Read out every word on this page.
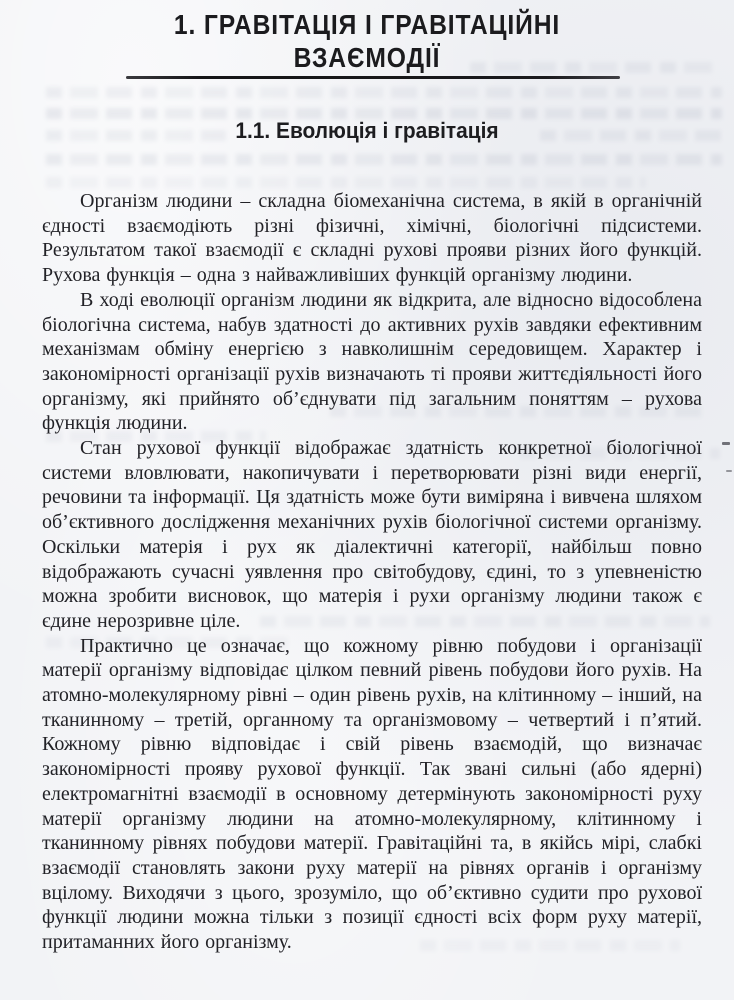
1. ГРАВІТАЦІЯ І ГРАВІТАЦІЙНІ
ВЗАЄМОДІЇ
1.1. Еволюція і гравітація

Організм людини – складна біомеханічна система, в якій в органічній єдності взаємодіють різні фізичні, хімічні, біологічні підсистеми. Результатом такої взаємодії є складні рухові прояви різних його функцій. Рухова функція – одна з найважливіших функцій організму людини.

В ході еволюції організм людини як відкрита, але відносно відособлена біологічна система, набув здатності до активних рухів завдяки ефективним механізмам обміну енергією з навколишнім середовищем. Характер і закономірності організації рухів визначають ті прояви життєдіяльності його організму, які прийнято об’єднувати під загальним поняттям – рухова функція людини.

Стан рухової функції відображає здатність конкретної біологічної системи вловлювати, накопичувати і перетворювати різні види енергії, речовини та інформації. Ця здатність може бути виміряна і вивчена шляхом об’єктивного дослідження механічних рухів біологічної системи організму. Оскільки матерія і рух як діалектичні категорії, найбільш повно відображають сучасні уявлення про світобудову, єдині, то з упевненістю можна зробити висновок, що матерія і рухи організму людини також є єдине нерозривне ціле.

Практично це означає, що кожному рівню побудови і організації матерії організму відповідає цілком певний рівень побудови його рухів. На атомно-молекулярному рівні – один рівень рухів, на клітинному – інший, на тканинному – третій, органному та організмовому – четвертий і п’ятий. Кожному рівню відповідає і свій рівень взаємодій, що визначає закономірності прояву рухової функції. Так звані сильні (або ядерні) електромагнітні взаємодії в основному детермінують закономірності руху матерії організму людини на атомно-молекулярному, клітинному і тканинному рівнях побудови матерії. Гравітаційні та, в якійсь мірі, слабкі взаємодії становлять закони руху матерії на рівнях органів і організму вцілому. Виходячи з цього, зрозуміло, що об’єктивно судити про рухової функції людини можна тільки з позиції єдності всіх форм руху матерії, притаманних його організму.
